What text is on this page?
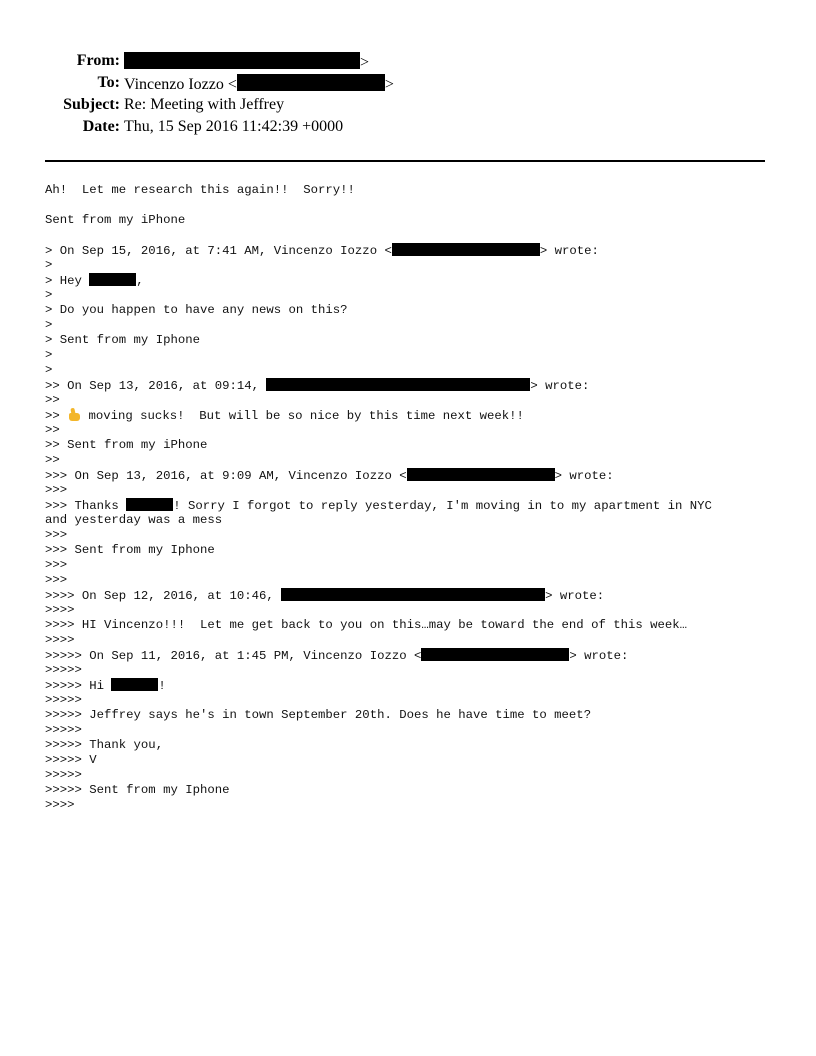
From:	>
To: Vincenzo Iozzo <	>
Subject: Re: Meeting with Jeffrey
Date: Thu, 15 Sep 2016 11:42:39 +0000
Ah!  Let me research this again!!  Sorry!!
Sent from my iPhone
> On Sep 15, 2016, at 7:41 AM, Vincenzo Iozzo <	> wrote:
>
> Hey	,
>
> Do you happen to have any news on this?
>
> Sent from my Iphone
>
>
>> On Sep 13, 2016, at 09:14,	> wrote:
>>
>>
moving sucks!  But will be so nice by this time next week!!
>>
>> Sent from my iPhone
>>
>>> On Sep 13, 2016, at 9:09 AM, Vincenzo Iozzo <	> wrote:
>>>
>>> Thanks	! Sorry I forgot to reply yesterday, I'm moving in to my apartment in NYC
and yesterday was a mess
>>>
>>> Sent from my Iphone
>>>
>>>
>>>> On Sep 12, 2016, at 10:46,	> wrote:
>>>>
>>>> HI Vincenzo!!!  Let me get back to you on this…may be toward the end of this week…
>>>>
>>>>> On Sep 11, 2016, at 1:45 PM, Vincenzo Iozzo <	> wrote:
>>>>>
>>>>> Hi	!
>>>>>
>>>>> Jeffrey says he's in town September 20th. Does he have time to meet?
>>>>>
>>>>> Thank you,
>>>>> V
>>>>>
>>>>> Sent from my Iphone
>>>>
